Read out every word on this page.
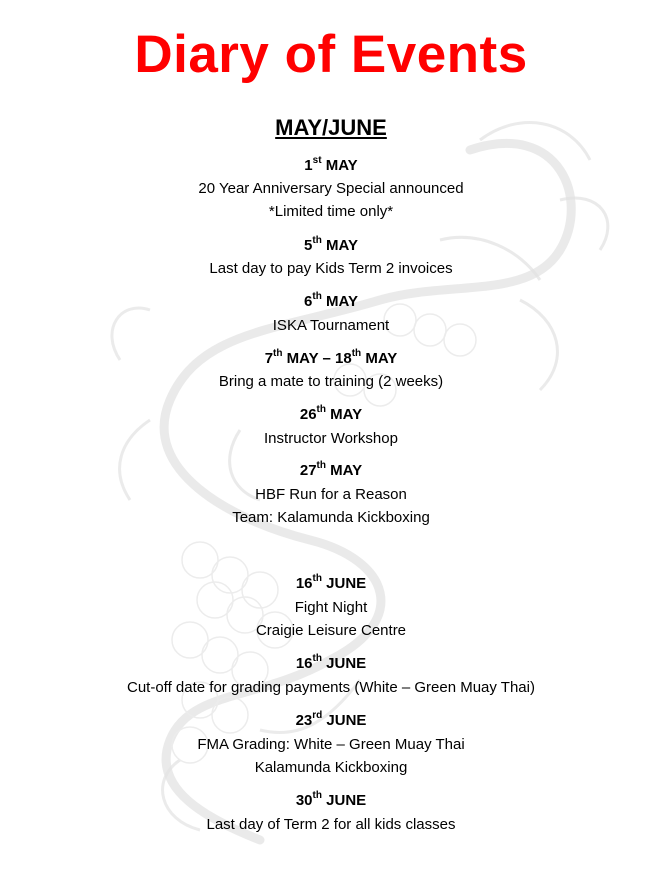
Diary of Events
MAY/JUNE
1st MAY
20 Year Anniversary Special announced
*Limited time only*
5th MAY
Last day to pay Kids Term 2 invoices
6th MAY
ISKA Tournament
7th MAY – 18th MAY
Bring a mate to training (2 weeks)
26th MAY
Instructor Workshop
27th MAY
HBF Run for a Reason
Team: Kalamunda Kickboxing
16th JUNE
Fight Night
Craigie Leisure Centre
16th JUNE
Cut-off date for grading payments (White – Green Muay Thai)
23rd JUNE
FMA Grading: White – Green Muay Thai
Kalamunda Kickboxing
30th JUNE
Last day of Term 2 for all kids classes
